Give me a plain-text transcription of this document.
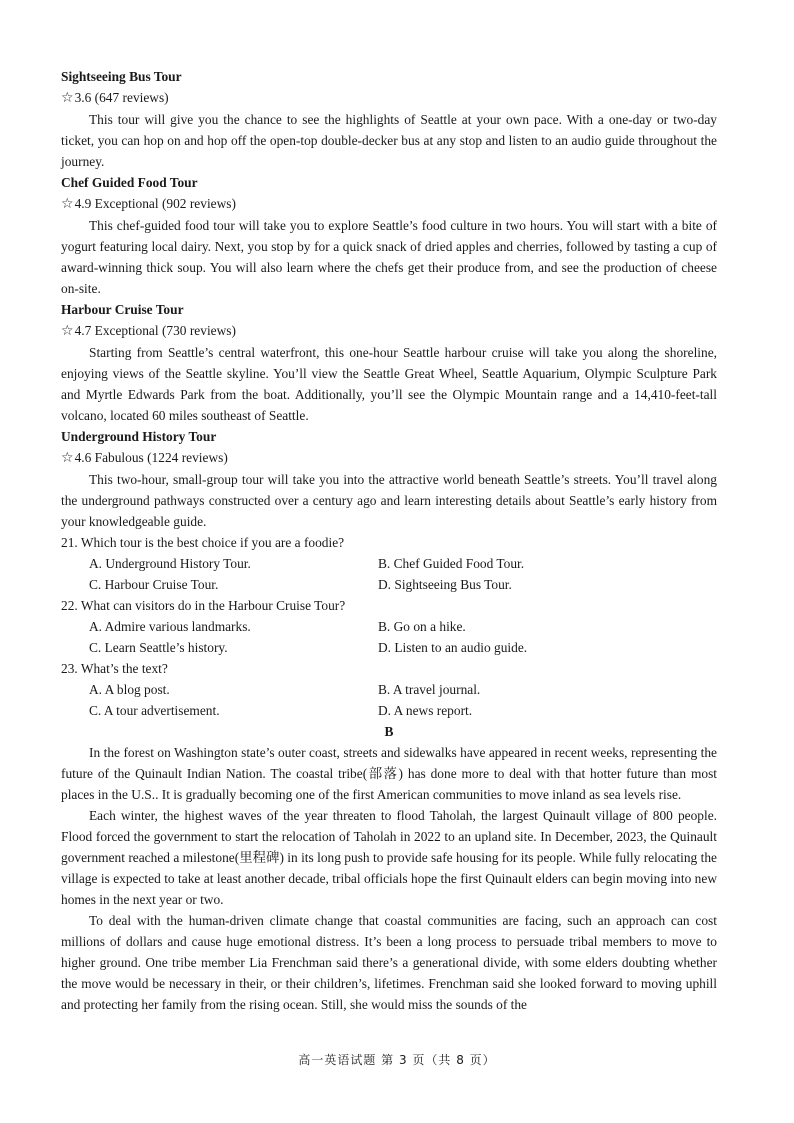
Sightseeing Bus Tour
☆3.6 (647 reviews)

This tour will give you the chance to see the highlights of Seattle at your own pace. With a one-day or two-day ticket, you can hop on and hop off the open-top double-decker bus at any stop and listen to an audio guide throughout the journey.

Chef Guided Food Tour
☆4.9 Exceptional (902 reviews)

This chef-guided food tour will take you to explore Seattle’s food culture in two hours. You will start with a bite of yogurt featuring local dairy. Next, you stop by for a quick snack of dried apples and cherries, followed by tasting a cup of award-winning thick soup. You will also learn where the chefs get their produce from, and see the production of cheese on-site.

Harbour Cruise Tour
☆4.7 Exceptional (730 reviews)

Starting from Seattle’s central waterfront, this one-hour Seattle harbour cruise will take you along the shoreline, enjoying views of the Seattle skyline. You’ll view the Seattle Great Wheel, Seattle Aquarium, Olympic Sculpture Park and Myrtle Edwards Park from the boat. Additionally, you’ll see the Olympic Mountain range and a 14,410-feet-tall volcano, located 60 miles southeast of Seattle.

Underground History Tour
☆4.6 Fabulous (1224 reviews)

This two-hour, small-group tour will take you into the attractive world beneath Seattle’s streets. You’ll travel along the underground pathways constructed over a century ago and learn interesting details about Seattle’s early history from your knowledgeable guide.

21. Which tour is the best choice if you are a foodie?
A. Underground History Tour.	B. Chef Guided Food Tour.
C. Harbour Cruise Tour.	D. Sightseeing Bus Tour.
22. What can visitors do in the Harbour Cruise Tour?
A. Admire various landmarks.	B. Go on a hike.
C. Learn Seattle’s history.	D. Listen to an audio guide.
23. What’s the text?
A. A blog post.	B. A travel journal.
C. A tour advertisement.	D. A news report.
B

In the forest on Washington state’s outer coast, streets and sidewalks have appeared in recent weeks, representing the future of the Quinault Indian Nation. The coastal tribe(部落) has done more to deal with that hotter future than most places in the U.S.. It is gradually becoming one of the first American communities to move inland as sea levels rise.

Each winter, the highest waves of the year threaten to flood Taholah, the largest Quinault village of 800 people. Flood forced the government to start the relocation of Taholah in 2022 to an upland site. In December, 2023, the Quinault government reached a milestone(里程碑) in its long push to provide safe housing for its people. While fully relocating the village is expected to take at least another decade, tribal officials hope the first Quinault elders can begin moving into new homes in the next year or two.

To deal with the human-driven climate change that coastal communities are facing, such an approach can cost millions of dollars and cause huge emotional distress. It’s been a long process to persuade tribal members to move to higher ground. One tribe member Lia Frenchman said there’s a generational divide, with some elders doubting whether the move would be necessary in their, or their children’s, lifetimes. Frenchman said she looked forward to moving uphill and protecting her family from the rising ocean. Still, she would miss the sounds of the

高一英语试题 第 3 页（共 8 页）
